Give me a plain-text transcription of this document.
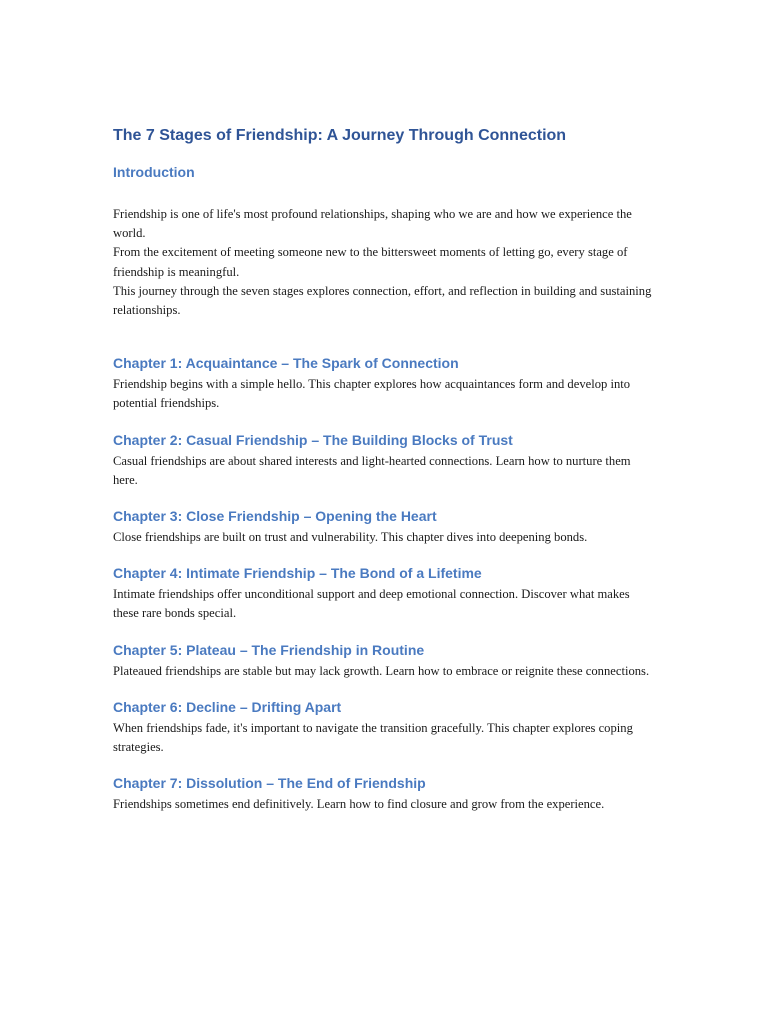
The 7 Stages of Friendship: A Journey Through Connection
Introduction

Friendship is one of life's most profound relationships, shaping who we are and how we experience the world.

From the excitement of meeting someone new to the bittersweet moments of letting go, every stage of friendship is meaningful.

This journey through the seven stages explores connection, effort, and reflection in building and sustaining relationships.

Chapter 1: Acquaintance – The Spark of Connection

Friendship begins with a simple hello. This chapter explores how acquaintances form and develop into potential friendships.

Chapter 2: Casual Friendship – The Building Blocks of Trust

Casual friendships are about shared interests and light-hearted connections. Learn how to nurture them here.

Chapter 3: Close Friendship – Opening the Heart

Close friendships are built on trust and vulnerability. This chapter dives into deepening bonds.

Chapter 4: Intimate Friendship – The Bond of a Lifetime

Intimate friendships offer unconditional support and deep emotional connection. Discover what makes these rare bonds special.

Chapter 5: Plateau – The Friendship in Routine

Plateaued friendships are stable but may lack growth. Learn how to embrace or reignite these connections.

Chapter 6: Decline – Drifting Apart

When friendships fade, it's important to navigate the transition gracefully. This chapter explores coping strategies.

Chapter 7: Dissolution – The End of Friendship

Friendships sometimes end definitively. Learn how to find closure and grow from the experience.
